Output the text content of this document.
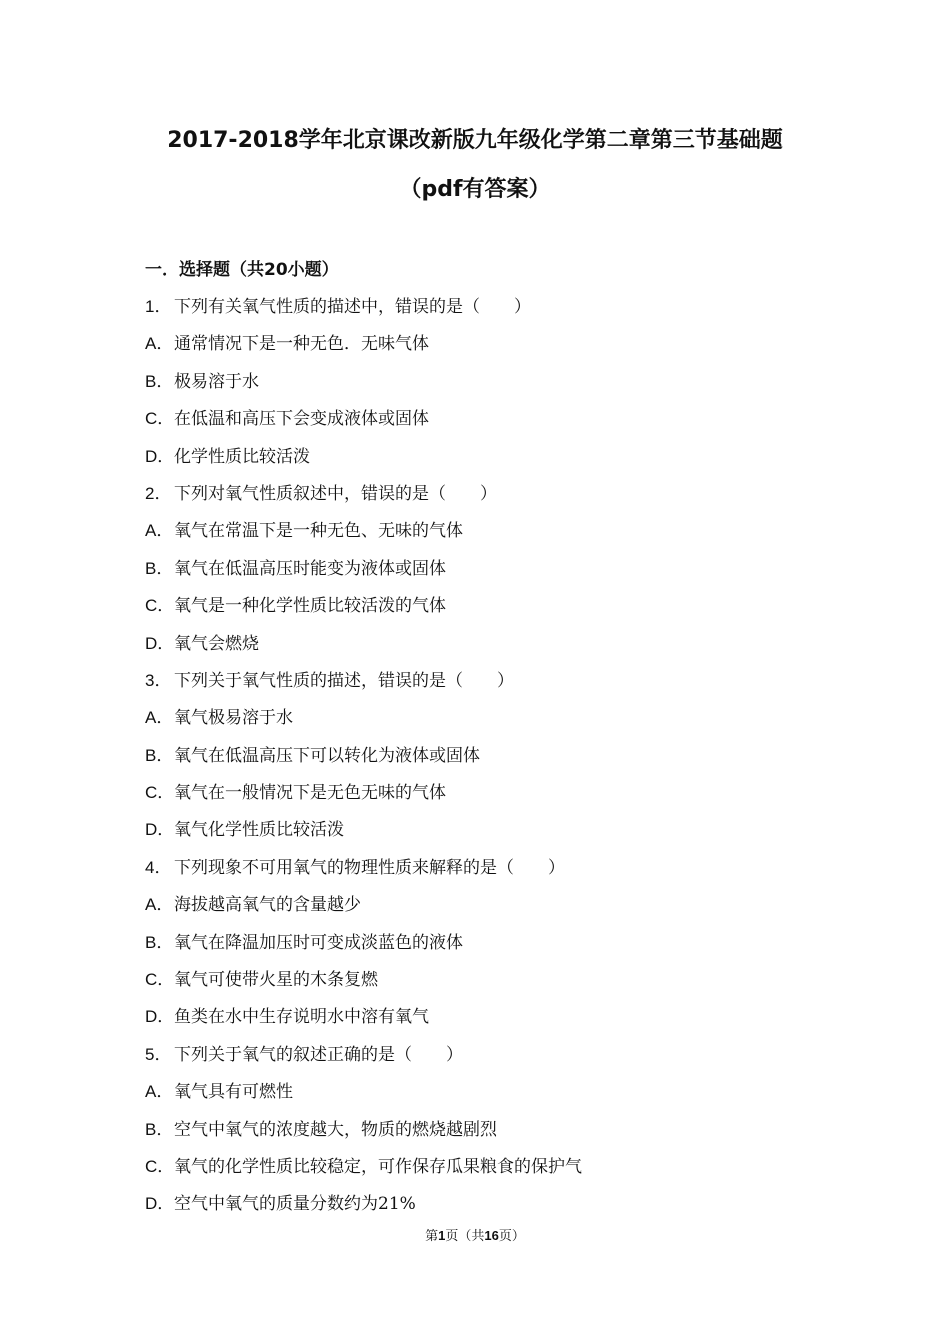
2017-2018学年北京课改新版九年级化学第二章第三节基础题
（pdf有答案）
一．选择题（共20小题）
1． 下列有关氧气性质的描述中，错误的是（　　）
A．通常情况下是一种无色．无味气体
B．极易溶于水
C．在低温和高压下会变成液体或固体
D．化学性质比较活泼
2． 下列对氧气性质叙述中，错误的是（　　）
A．氧气在常温下是一种无色、无味的气体
B．氧气在低温高压时能变为液体或固体
C．氧气是一种化学性质比较活泼的气体
D．氧气会燃烧
3． 下列关于氧气性质的描述，错误的是（　　）
A．氧气极易溶于水
B．氧气在低温高压下可以转化为液体或固体
C．氧气在一般情况下是无色无味的气体
D．氧气化学性质比较活泼
4． 下列现象不可用氧气的物理性质来解释的是（　　）
A．海拔越高氧气的含量越少
B．氧气在降温加压时可变成淡蓝色的液体
C．氧气可使带火星的木条复燃
D．鱼类在水中生存说明水中溶有氧气
5． 下列关于氧气的叙述正确的是（　　）
A．氧气具有可燃性
B．空气中氧气的浓度越大，物质的燃烧越剧烈
C．氧气的化学性质比较稳定，可作保存瓜果粮食的保护气
D．空气中氧气的质量分数约为21%
第1页（共16页）
